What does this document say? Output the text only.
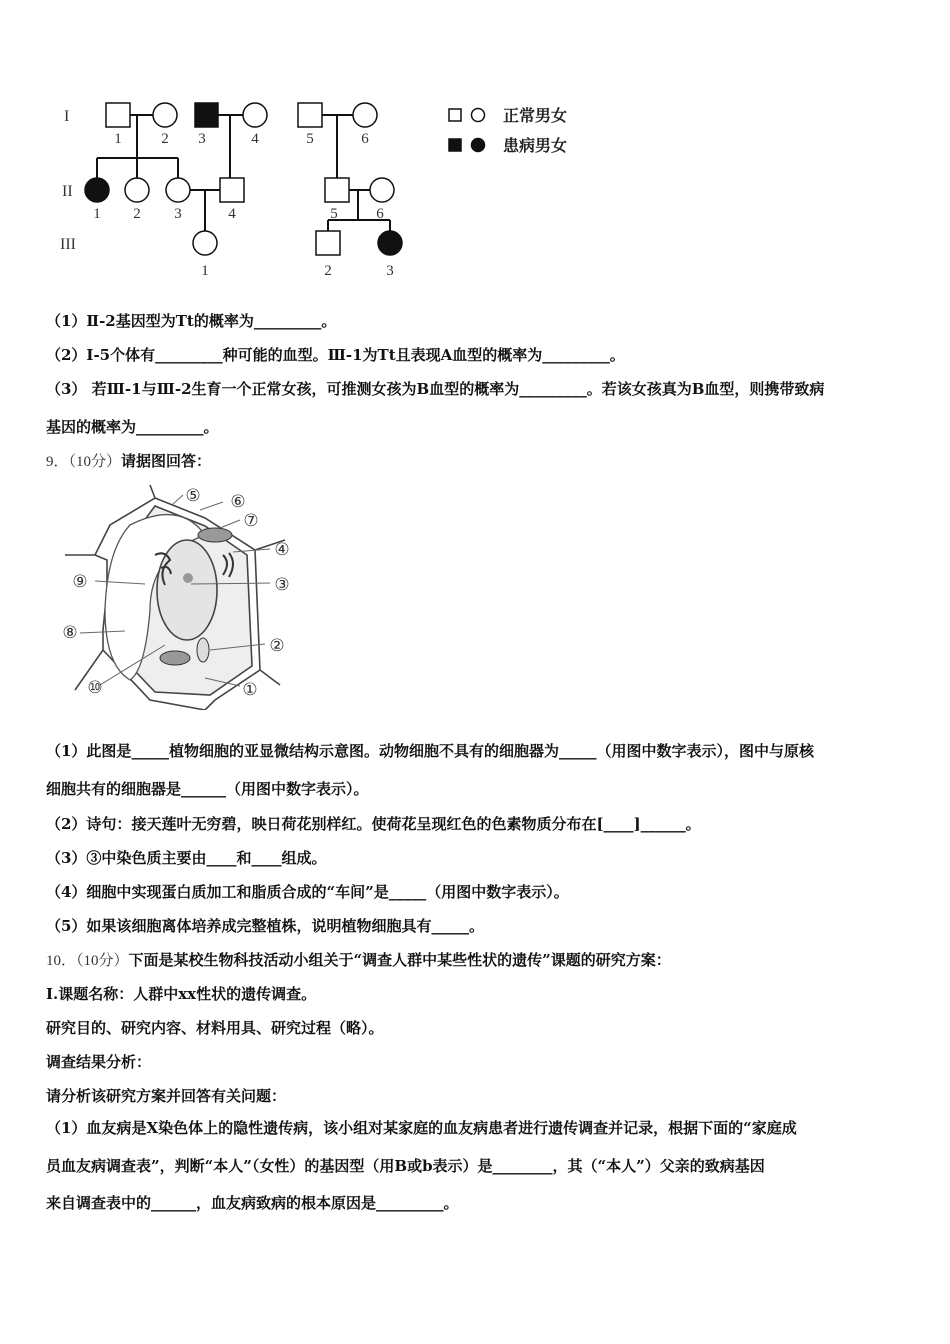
I
II
III
1	2 3	4	5	6
1 2 3	4	5	6
1	2	3
正常男女
患病男女
（1）Ⅱ-2基因型为Tt的概率为_________。
（2）Ⅰ-5个体有_________种可能的血型。Ⅲ-1为Tt且表现A血型的概率为_________。
（3） 若Ⅲ-1与Ⅲ-2生育一个正常女孩，可推测女孩为B血型的概率为_________。若该女孩真为B血型，则携带致病
基因的概率为_________。
9．（10分）请据图回答：
⑤ ⑥
⑦
④
⑨	③
⑧
②
⑩	①
（1）此图是_____植物细胞的亚显微结构示意图。动物细胞不具有的细胞器为_____（用图中数字表示），图中与原核
细胞共有的细胞器是______（用图中数字表示）。
（2）诗句：接天莲叶无穷碧，映日荷花别样红。使荷花呈现红色的色素物质分布在[____]______。
（3）③中染色质主要由____和____组成。
（4）细胞中实现蛋白质加工和脂质合成的“车间”是_____（用图中数字表示）。
（5）如果该细胞离体培养成完整植株，说明植物细胞具有_____。
10．（10分）下面是某校生物科技活动小组关于“调查人群中某些性状的遗传”课题的研究方案：
I.课题名称：人群中xx性状的遗传调查。
研究目的、研究内容、材料用具、研究过程（略）。
调查结果分析：
请分析该研究方案并回答有关问题：
（1）血友病是X染色体上的隐性遗传病，该小组对某家庭的血友病患者进行遗传调查并记录，根据下面的“家庭成
员血友病调查表”，判断“本人”（女性）的基因型（用B或b表示）是________，其（“本人”）父亲的致病基因
来自调查表中的______，血友病致病的根本原因是_________。
